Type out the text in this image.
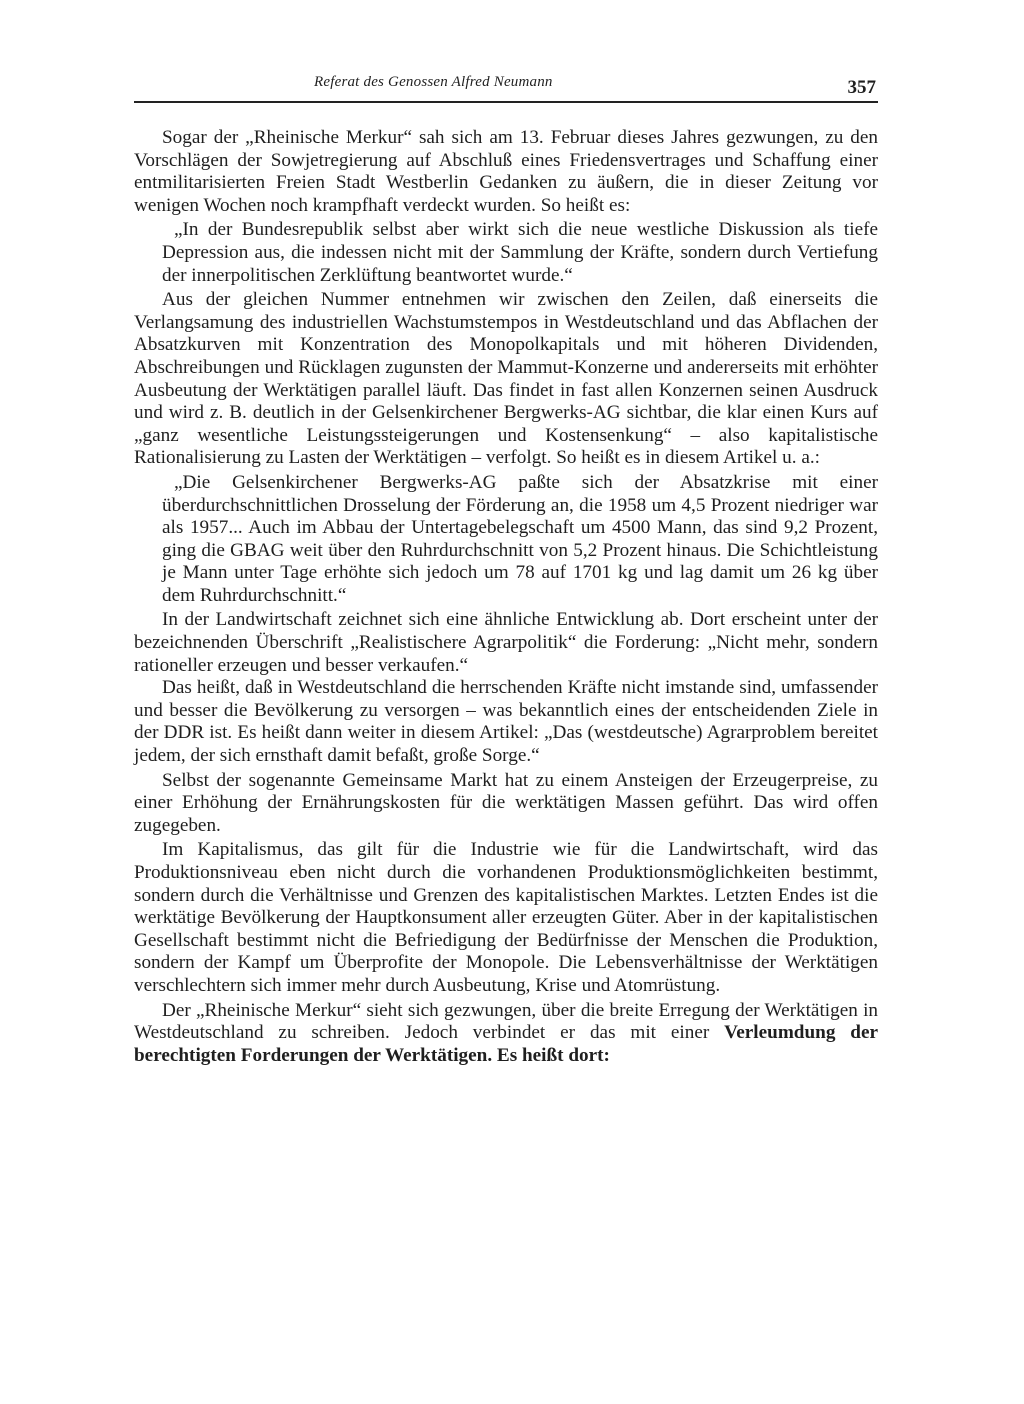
Referat des Genossen Alfred Neumann	357

Sogar der „Rheinische Merkur“ sah sich am 13. Februar dieses Jahres gezwungen, zu den Vorschlägen der Sowjetregierung auf Abschluß eines Friedensvertrages und Schaffung einer entmilitarisierten Freien Stadt Westberlin Gedanken zu äußern, die in dieser Zeitung vor wenigen Wochen noch krampfhaft verdeckt wurden. So heißt es:

„In der Bundesrepublik selbst aber wirkt sich die neue westliche Diskussion als tiefe Depression aus, die indessen nicht mit der Sammlung der Kräfte, sondern durch Vertiefung der innerpolitischen Zerklüftung beantwortet wurde.“

Aus der gleichen Nummer entnehmen wir zwischen den Zeilen, daß einerseits die Verlangsamung des industriellen Wachstumstempos in Westdeutschland und das Abflachen der Absatzkurven mit Konzentration des Monopolkapitals und mit höheren Dividenden, Abschreibungen und Rücklagen zugunsten der Mammut-Konzerne und andererseits mit erhöhter Ausbeutung der Werktätigen parallel läuft. Das findet in fast allen Konzernen seinen Ausdruck und wird z. B. deutlich in der Gelsenkirchener Bergwerks-AG sichtbar, die klar einen Kurs auf „ganz wesentliche Leistungssteigerungen und Kostensenkung“ – also kapitalistische Rationalisierung zu Lasten der Werktätigen – verfolgt. So heißt es in diesem Artikel u. a.:

„Die Gelsenkirchener Bergwerks-AG paßte sich der Absatzkrise mit einer überdurchschnittlichen Drosselung der Förderung an, die 1958 um 4,5 Prozent niedriger war als 1957... Auch im Abbau der Untertagebelegschaft um 4500 Mann, das sind 9,2 Prozent, ging die GBAG weit über den Ruhrdurchschnitt von 5,2 Prozent hinaus. Die Schichtleistung je Mann unter Tage erhöhte sich jedoch um 78 auf 1701 kg und lag damit um 26 kg über dem Ruhrdurchschnitt.“

In der Landwirtschaft zeichnet sich eine ähnliche Entwicklung ab. Dort erscheint unter der bezeichnenden Überschrift „Realistischere Agrarpolitik“ die Forderung: „Nicht mehr, sondern rationeller erzeugen und besser verkaufen.“

Das heißt, daß in Westdeutschland die herrschenden Kräfte nicht imstande sind, umfassender und besser die Bevölkerung zu versorgen – was bekanntlich eines der entscheidenden Ziele in der DDR ist. Es heißt dann weiter in diesem Artikel: „Das (westdeutsche) Agrarproblem bereitet jedem, der sich ernsthaft damit befaßt, große Sorge.“

Selbst der sogenannte Gemeinsame Markt hat zu einem Ansteigen der Erzeugerpreise, zu einer Erhöhung der Ernährungskosten für die werktätigen Massen geführt. Das wird offen zugegeben.

Im Kapitalismus, das gilt für die Industrie wie für die Landwirtschaft, wird das Produktionsniveau eben nicht durch die vorhandenen Produktionsmöglichkeiten bestimmt, sondern durch die Verhältnisse und Grenzen des kapitalistischen Marktes. Letzten Endes ist die werktätige Bevölkerung der Hauptkonsument aller erzeugten Güter. Aber in der kapitalistischen Gesellschaft bestimmt nicht die Befriedigung der Bedürfnisse der Menschen die Produktion, sondern der Kampf um Überprofite der Monopole. Die Lebensverhältnisse der Werktätigen verschlechtern sich immer mehr durch Ausbeutung, Krise und Atomrüstung.

Der „Rheinische Merkur“ sieht sich gezwungen, über die breite Erregung der Werktätigen in Westdeutschland zu schreiben. Jedoch verbindet er das mit einer Verleumdung der berechtigten Forderungen der Werktätigen. Es heißt dort:
